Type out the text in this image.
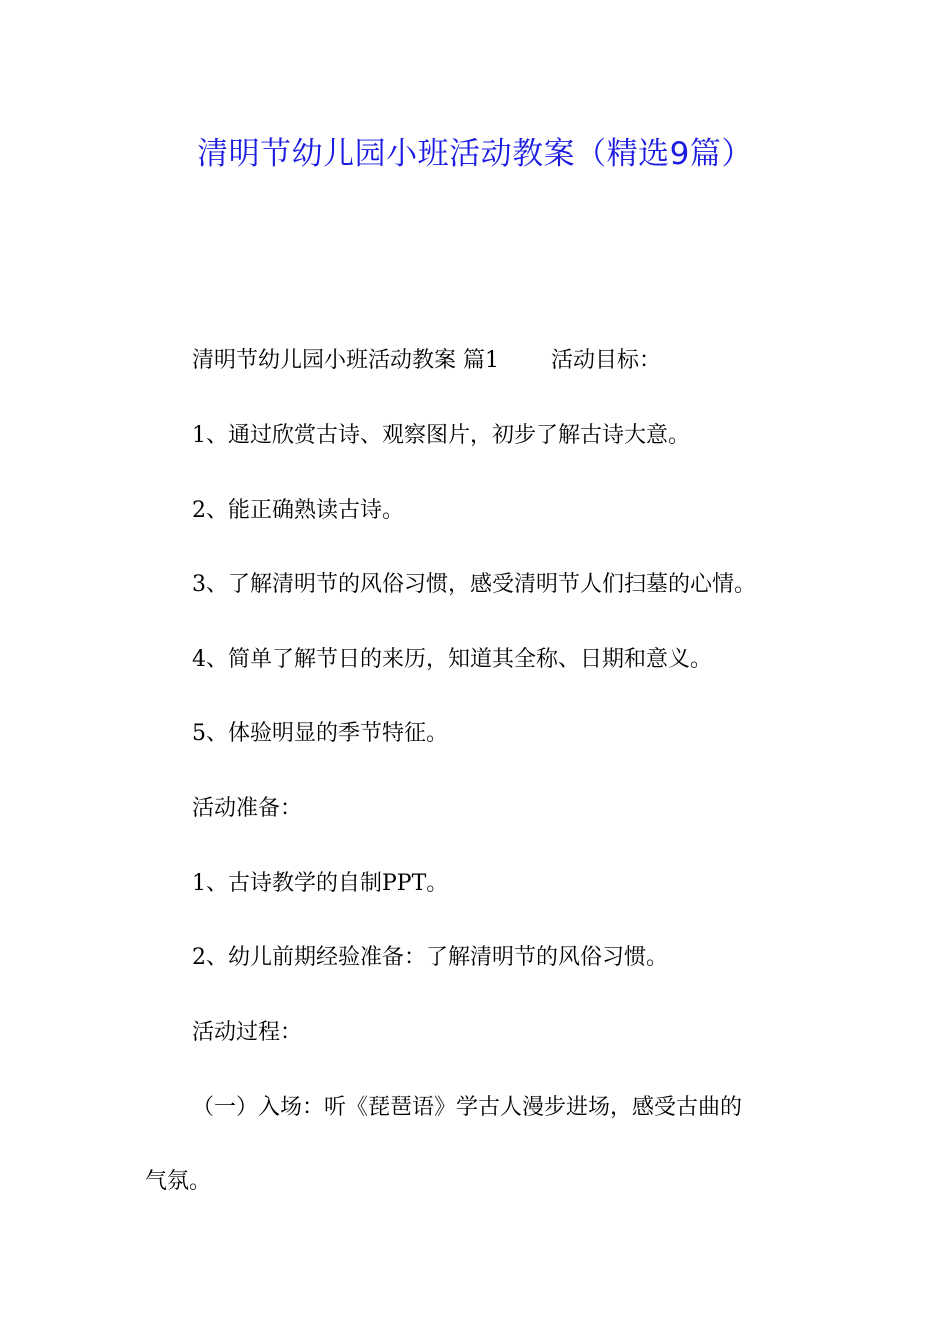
清明节幼儿园小班活动教案（精选9篇）
清明节幼儿园小班活动教案 篇1 活动目标：
1、通过欣赏古诗、观察图片，初步了解古诗大意。
2、能正确熟读古诗。
3、了解清明节的风俗习惯，感受清明节人们扫墓的心情。
4、简单了解节日的来历，知道其全称、日期和意义。
5、体验明显的季节特征。
活动准备：
1、古诗教学的自制PPT。
2、幼儿前期经验准备：了解清明节的风俗习惯。
活动过程：
（一）入场：听《琵琶语》学古人漫步进场，感受古曲的
气氛。
